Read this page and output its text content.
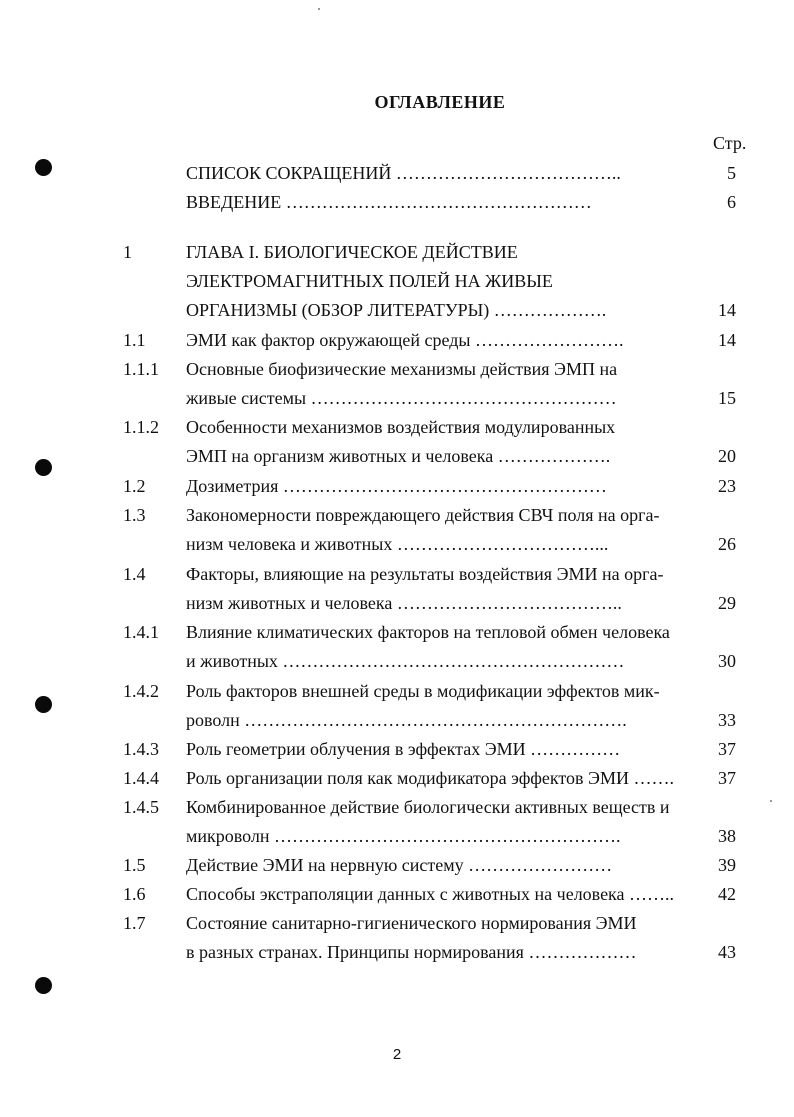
ОГЛАВЛЕНИЕ
Стр.
СПИСОК СОКРАЩЕНИЙ ………………………………..	5
ВВЕДЕНИЕ ……………………………………………	6
1	ГЛАВА I. БИОЛОГИЧЕСКОЕ ДЕЙСТВИЕ
ЭЛЕКТРОМАГНИТНЫХ ПОЛЕЙ НА ЖИВЫЕ
ОРГАНИЗМЫ (ОБЗОР ЛИТЕРАТУРЫ) ……………….	14
1.1 ЭМИ как фактор окружающей среды …………………….	14
1.1.1 Основные биофизические механизмы действия ЭМП на
живые системы ……………………………………………	15
1.1.2 Особенности механизмов воздействия модулированных
ЭМП на организм животных и человека ……………….	20
1.2 Дозиметрия ………………………………………………	23
1.3 Закономерности повреждающего действия СВЧ поля на орга-
низм человека и животных ……………………………...	26
1.4 Факторы, влияющие на результаты воздействия ЭМИ на орга-
низм животных и человека ………………………………..	29
1.4.1 Влияние климатических факторов на тепловой обмен человека
и животных …………………………………………………	30
1.4.2 Роль факторов внешней среды в модификации эффектов мик-
роволн ……………………………………………………….	33
1.4.3 Роль геометрии облучения в эффектах ЭМИ ……………	37
1.4.4 Роль организации поля как модификатора эффектов ЭМИ …….	37
1.4.5 Комбинированное действие биологически активных веществ и
микроволн ………………………………………………….	38
1.5 Действие ЭМИ на нервную систему ……………………	39
1.6 Способы экстраполяции данных с животных на человека ……..	42
1.7 Состояние санитарно-гигиенического нормирования ЭМИ
в разных странах. Принципы нормирования ………………	43
2
